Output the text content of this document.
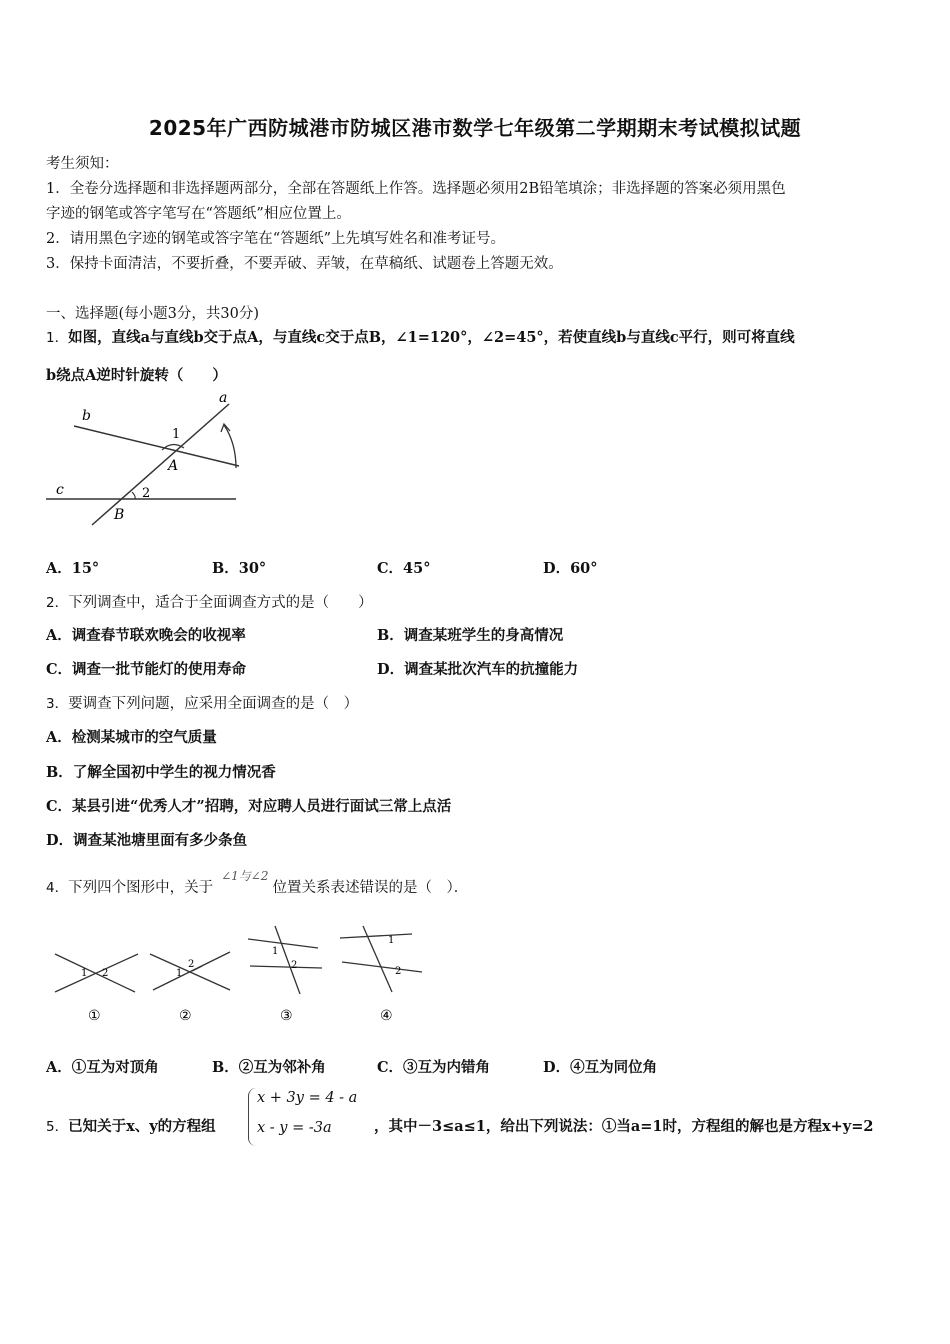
2025年广西防城港市防城区港市数学七年级第二学期期末考试模拟试题
考生须知：
1．全卷分选择题和非选择题两部分，全部在答题纸上作答。选择题必须用2B铅笔填涂；非选择题的答案必须用黑色
字迹的钢笔或答字笔写在“答题纸”相应位置上。
2．请用黑色字迹的钢笔或答字笔在“答题纸”上先填写姓名和准考证号。
3．保持卡面清洁，不要折叠，不要弄破、弄皱，在草稿纸、试题卷上答题无效。
一、选择题(每小题3分，共30分)
1．如图，直线a与直线b交于点A，与直线c交于点B，∠1=120°，∠2=45°，若使直线b与直线c平行，则可将直线
b绕点A逆时针旋转（　　）
b
a
c
A
B
1
2
A．15°	B．30°	C．45°	D．60°
2．下列调查中，适合于全面调查方式的是（　　）
A．调查春节联欢晚会的收视率	B．调查某班学生的身高情况
C．调查一批节能灯的使用寿命	D．调查某批次汽车的抗撞能力
3．要调查下列问题，应采用全面调查的是（　）
A．检测某城市的空气质量
B．了解全国初中学生的视力情况香
C．某县引进“优秀人才”招聘，对应聘人员进行面试三常上点活
D．调查某池塘里面有多少条鱼
4．下列四个图形中，关于$^{\angle 1与\angle 2}$位置关系表述错误的是（　）．
1 2
①
1
2
②
1
2
③
1
2
④
A．①互为对顶角	B．②互为邻补角	C．③互为内错角	D．④互为同位角
5．已知关于x、y的方程组
x + 3y = 4 - a
x - y = -3a	，其中－3≤a≤1，给出下列说法：①当a=1时，方程组的解也是方程x+y=2
